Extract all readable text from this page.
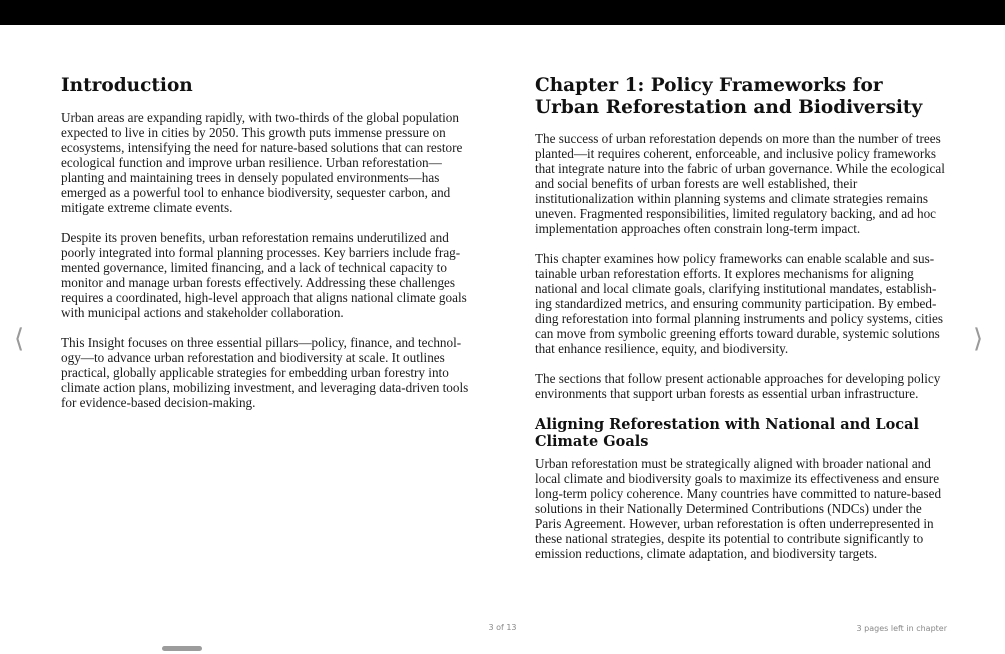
Introduction

Urban areas are expanding rapidly, with two-thirds of the global population expected to live in cities by 2050. This growth puts immense pressure on ecosystems, intensifying the need for nature-based solutions that can restore ecological function and improve urban resilience. Urban reforestation—planting and maintaining trees in densely populated environments—has emerged as a powerful tool to enhance biodiversity, sequester carbon, and mitigate extreme climate events.

Despite its proven benefits, urban reforestation remains underutilized and poorly integrated into formal planning processes. Key barriers include fragmented governance, limited financing, and a lack of technical capacity to monitor and manage urban forests effectively. Addressing these challenges requires a coordinated, high-level approach that aligns national climate goals with municipal actions and stakeholder collaboration.

This Insight focuses on three essential pillars—policy, finance, and technology—to advance urban reforestation and biodiversity at scale. It outlines practical, globally applicable strategies for embedding urban forestry into climate action plans, mobilizing investment, and leveraging data-driven tools for evidence-based decision-making.

Chapter 1: Policy Frameworks for Urban Reforestation and Biodiversity

The success of urban reforestation depends on more than the number of trees planted—it requires coherent, enforceable, and inclusive policy frameworks that integrate nature into the fabric of urban governance. While the ecological and social benefits of urban forests are well established, their institutionalization within planning systems and climate strategies remains uneven. Fragmented responsibilities, limited regulatory backing, and ad hoc implementation approaches often constrain long-term impact.

This chapter examines how policy frameworks can enable scalable and sustainable urban reforestation efforts. It explores mechanisms for aligning national and local climate goals, clarifying institutional mandates, establishing standardized metrics, and ensuring community participation. By embedding reforestation into formal planning instruments and policy systems, cities can move from symbolic greening efforts toward durable, systemic solutions that enhance resilience, equity, and biodiversity.

The sections that follow present actionable approaches for developing policy environments that support urban forests as essential urban infrastructure.

Aligning Reforestation with National and Local Climate Goals

Urban reforestation must be strategically aligned with broader national and local climate and biodiversity goals to maximize its effectiveness and ensure long-term policy coherence. Many countries have committed to nature-based solutions in their Nationally Determined Contributions (NDCs) under the Paris Agreement. However, urban reforestation is often underrepresented in these national strategies, despite its potential to contribute significantly to emission reductions, climate adaptation, and biodiversity targets.

⟨	⟩
3 of 13	3 pages left in chapter
